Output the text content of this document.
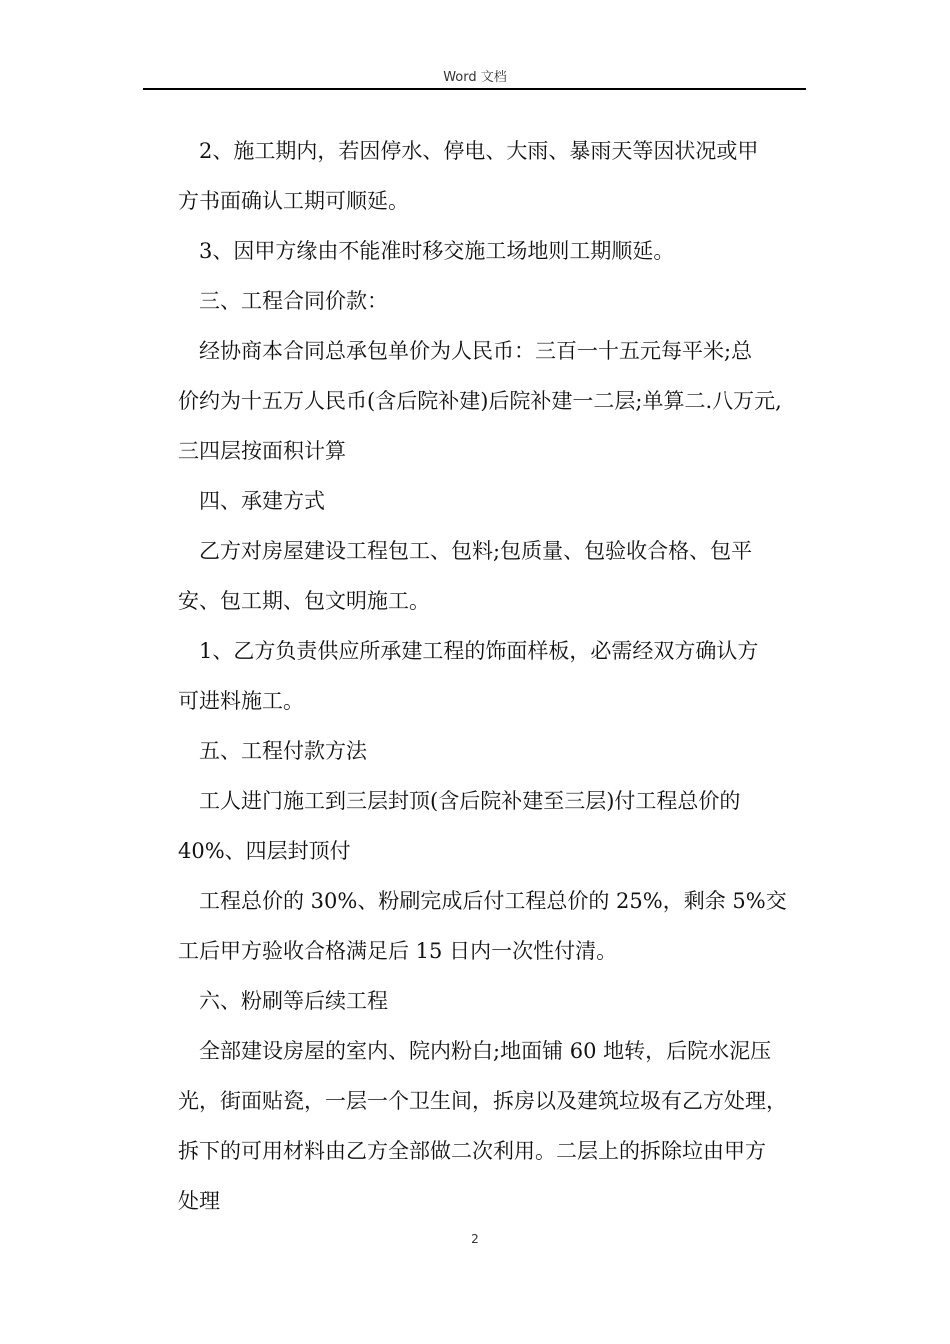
Word 文档
2、施工期内，若因停水、停电、大雨、暴雨天等因状况或甲
方书面确认工期可顺延。
3、因甲方缘由不能准时移交施工场地则工期顺延。
三、工程合同价款：
经协商本合同总承包单价为人民币：三百一十五元每平米;总
价约为十五万人民币(含后院补建)后院补建一二层;单算二.八万元,
三四层按面积计算
四、承建方式
乙方对房屋建设工程包工、包料;包质量、包验收合格、包平
安、包工期、包文明施工。
1、乙方负责供应所承建工程的饰面样板，必需经双方确认方
可进料施工。
五、工程付款方法
工人进门施工到三层封顶(含后院补建至三层)付工程总价的
40%、四层封顶付
工程总价的 30%、粉刷完成后付工程总价的 25%，剩余 5%交
工后甲方验收合格满足后 15 日内一次性付清。
六、粉刷等后续工程
全部建设房屋的室内、院内粉白;地面铺 60 地转，后院水泥压
光，街面贴瓷，一层一个卫生间，拆房以及建筑垃圾有乙方处理，
拆下的可用材料由乙方全部做二次利用。二层上的拆除垃由甲方
处理
2
